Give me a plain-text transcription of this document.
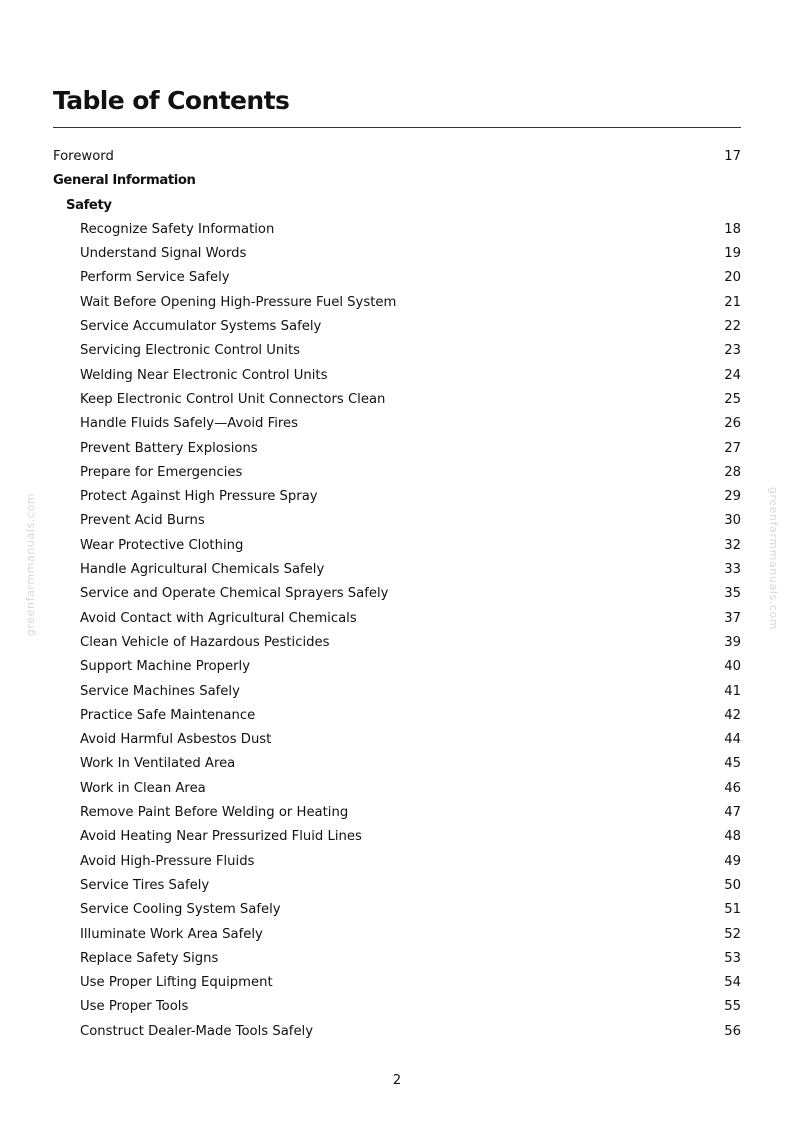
Table of Contents
Foreword	17
General Information
Safety
Recognize Safety Information	18
Understand Signal Words	19
Perform Service Safely	20
Wait Before Opening High-Pressure Fuel System	21
Service Accumulator Systems Safely	22
Servicing Electronic Control Units	23
Welding Near Electronic Control Units	24
Keep Electronic Control Unit Connectors Clean	25
Handle Fluids Safely—Avoid Fires	26
Prevent Battery Explosions	27
Prepare for Emergencies	28
Protect Against High Pressure Spray	29
Prevent Acid Burns	30
Wear Protective Clothing	32
Handle Agricultural Chemicals Safely	33
Service and Operate Chemical Sprayers Safely	35
Avoid Contact with Agricultural Chemicals	37
Clean Vehicle of Hazardous Pesticides	39
Support Machine Properly	40
Service Machines Safely	41
Practice Safe Maintenance	42
Avoid Harmful Asbestos Dust	44
Work In Ventilated Area	45
Work in Clean Area	46
Remove Paint Before Welding or Heating	47
Avoid Heating Near Pressurized Fluid Lines	48
Avoid High-Pressure Fluids	49
Service Tires Safely	50
Service Cooling System Safely	51
Illuminate Work Area Safely	52
Replace Safety Signs	53
Use Proper Lifting Equipment	54
Use Proper Tools	55
Construct Dealer-Made Tools Safely	56
greenfarmmanuals.com	greenfarmmanuals.com
2
